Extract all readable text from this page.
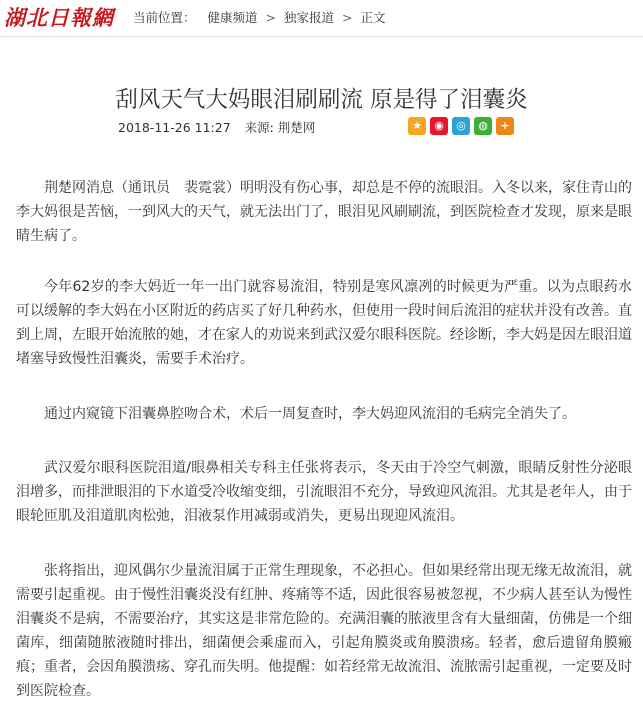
湖北日報網 当前位置： 健康频道 > 独家报道 > 正文
刮风天气大妈眼泪刷刷流 原是得了泪囊炎
2018-11-26 11:27 来源: 荆楚网	★	◉	◎	◍	+

荆楚网消息（通讯员　裴霓裳）明明没有伤心事，却总是不停的流眼泪。入冬以来，家住青山的李大妈很是苦恼，一到风大的天气，就无法出门了，眼泪见风刷刷流，到医院检查才发现，原来是眼睛生病了。

今年62岁的李大妈近一年一出门就容易流泪，特别是寒风凛冽的时候更为严重。以为点眼药水可以缓解的李大妈在小区附近的药店买了好几种药水，但使用一段时间后流泪的症状并没有改善。直到上周，左眼开始流脓的她，才在家人的劝说来到武汉爱尔眼科医院。经诊断，李大妈是因左眼泪道堵塞导致慢性泪囊炎，需要手术治疗。

通过内窥镜下泪囊鼻腔吻合术，术后一周复查时，李大妈迎风流泪的毛病完全消失了。

武汉爱尔眼科医院泪道/眼鼻相关专科主任张将表示，冬天由于冷空气刺激，眼睛反射性分泌眼泪增多，而排泄眼泪的下水道受冷收缩变细，引流眼泪不充分，导致迎风流泪。尤其是老年人，由于眼轮匝肌及泪道肌肉松弛，泪液泵作用减弱或消失，更易出现迎风流泪。

张将指出，迎风偶尔少量流泪属于正常生理现象，不必担心。但如果经常出现无缘无故流泪，就需要引起重视。由于慢性泪囊炎没有红肿、疼痛等不适，因此很容易被忽视，不少病人甚至认为慢性泪囊炎不是病，不需要治疗，其实这是非常危险的。充满泪囊的脓液里含有大量细菌，仿佛是一个细菌库，细菌随脓液随时排出，细菌便会乘虚而入，引起角膜炎或角膜溃疡。轻者，愈后遗留角膜瘢痕；重者，会因角膜溃疡、穿孔而失明。他提醒：如若经常无故流泪、流脓需引起重视，一定要及时到医院检查。
